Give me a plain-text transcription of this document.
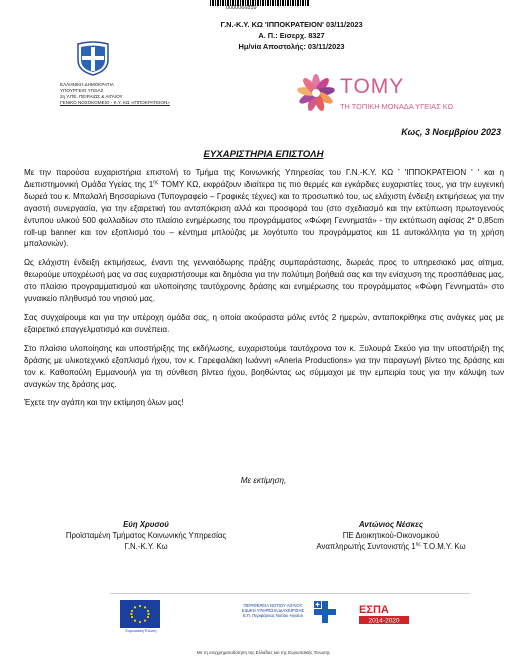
0000066859
Γ.Ν.-Κ.Υ. ΚΩ 'ΙΠΠΟΚΡΑΤΕΙΟΝ' 03/11/2023
Α. Π.: Εισερχ. 8327
Ημ/νία Αποστολής: 03/11/2023
ΕΛΛΗΝΙΚΗ ΔΗΜΟΚΡΑΤΙΑ
ΥΠΟΥΡΓΕΙΟ ΥΓΕΙΑΣ
2η Υ.ΠΕ. ΠΕΙΡΑΙΩΣ & ΑΙΓΑΙΟΥ
ΓΕΝΙΚΟ ΝΟΣΟΚΟΜΕΙΟ - Κ.Υ. ΚΩ «ΙΠΠΟΚΡΑΤΕΙΟΝ»
ΤΟΜΥ
ΤΗ ΤΟΠΙΚΗ ΜΟΝΑΔΑ ΥΓΕΙΑΣ ΚΩ
Κως, 3 Νοεμβρίου 2023
ΕΥΧΑΡΙΣΤΗΡΙΑ ΕΠΙΣΤΟΛΗ

Με την παρούσα ευχαριστήρια επιστολή το Τμήμα της Κοινωνικής Υπηρεσίας του Γ.Ν.-Κ.Υ. ΚΩ ' 'ΙΠΠΟΚΡΑΤΕΙΟΝ ' ' και η Διεπιστημονική Ομάδα Υγείας της $1^{\eta\varsigma}$ ΤΟΜΥ ΚΩ, εκφράζουν ιδιαίτερα τις πιο θερμές και εγκάρδιες ευχαριστίες τους, για την ευγενική δωρεά του κ. Μπαλαλή Βησσαρίωνα (Τυπογραφείο – Γραφικές τέχνες) και το προσωπικό του, ως ελάχιστη ένδειξη εκτιμήσεως για την αγαστή συνεργασία, για την εξαιρετική του ανταπόκριση αλλά και προσφορά του (στο σχεδιασμό και την εκτύπωση πρωτογενούς έντυπου υλικού 500 φυλλαδίων στο πλαίσιο ενημέρωσης του προγράμματος «Φώφη Γεννηματά» - την εκτύπωση αφίσας 2* 0,85cm roll-up banner και τον εξοπλισμό του – κέντημα μπλούζας με λογότυπο του προγράμματος και 11 αυτοκόλλητα για τη χρήση μπαλονιών).

Ως ελάχιστη ένδειξη εκτιμήσεως, έναντι της γενναιόδωρης πράξης συμπαράστασης, δωρεάς προς το υπηρεσιακό μας αίτημα, θεωρούμε υποχρέωσή μας να σας ευχαριστήσουμε και δημόσια για την πολύτιμη βοήθειά σας και την ενίσχυση της προσπάθειας μας, στο πλαίσιο προγραμματισμού και υλοποίησης ταυτόχρονης δράσης και ενημέρωσης του προγράμματος «Φώφη Γεννηματά» στο γυναικείο πληθυσμό του νησιού μας.

Σας συγχαίρουμε και για την υπέροχη ομάδα σας, η οποία ακούραστα μόλις εντός 2 ημερών, ανταποκρίθηκε στις ανάγκες μας με εξαιρετικό επαγγελματισμό και συνέπεια.

Στο πλαίσιο υλοποίησης και υποστήριξης της εκδήλωσης, ευχαριστούμε ταυτόχρονα τον κ. Ξυλουρά Σκεύο για την υποστήριξη της δράσης με υλικοτεχνικό εξοπλισμό ήχου, τον κ. Γαρεφαλάκη Ιωάννη «Aneria Productions» για την παραγωγή βίντεο της δράσης και τον κ. Καθοπούλη Εμμανουήλ για τη σύνθεση βίντεο ήχου, βοηθώντας ως σύμμαχοι με την εμπειρία τους για την κάλυψη των αναγκών της δράσης μας.

Έχετε την αγάπη και την εκτίμηση όλων μας!

Με εκτίμηση,
Εύη Χρυσού
Προϊσταμένη Τμήματος Κοινωνικής Υπηρεσίας
Γ.Ν.-Κ.Υ. Κω
Αντώνιος Νέσκες
ΠΕ Διοικητικού-Οικονομικού
Αναπληρωτής Συντονιστής $1^{\eta\varsigma}$ Τ.Ο.Μ.Υ. Κω
Ευρωπαϊκή Ένωση
ΠΕΡΙΦΕΡΕΙΑ ΝΟΤΙΟΥ ΑΙΓΑΙΟΥ
ΕΙΔΙΚΗ ΥΠΗΡΕΣΙΑ ΔΙΑΧΕΙΡΙΣΗΣ
Ε.Π. Περιφέρειας Νοτίου Αιγαίου	ΕΣΠΑ
2014-2020
Με τη συγχρηματοδότηση της Ελλάδας και της Ευρωπαϊκής Ένωσης
